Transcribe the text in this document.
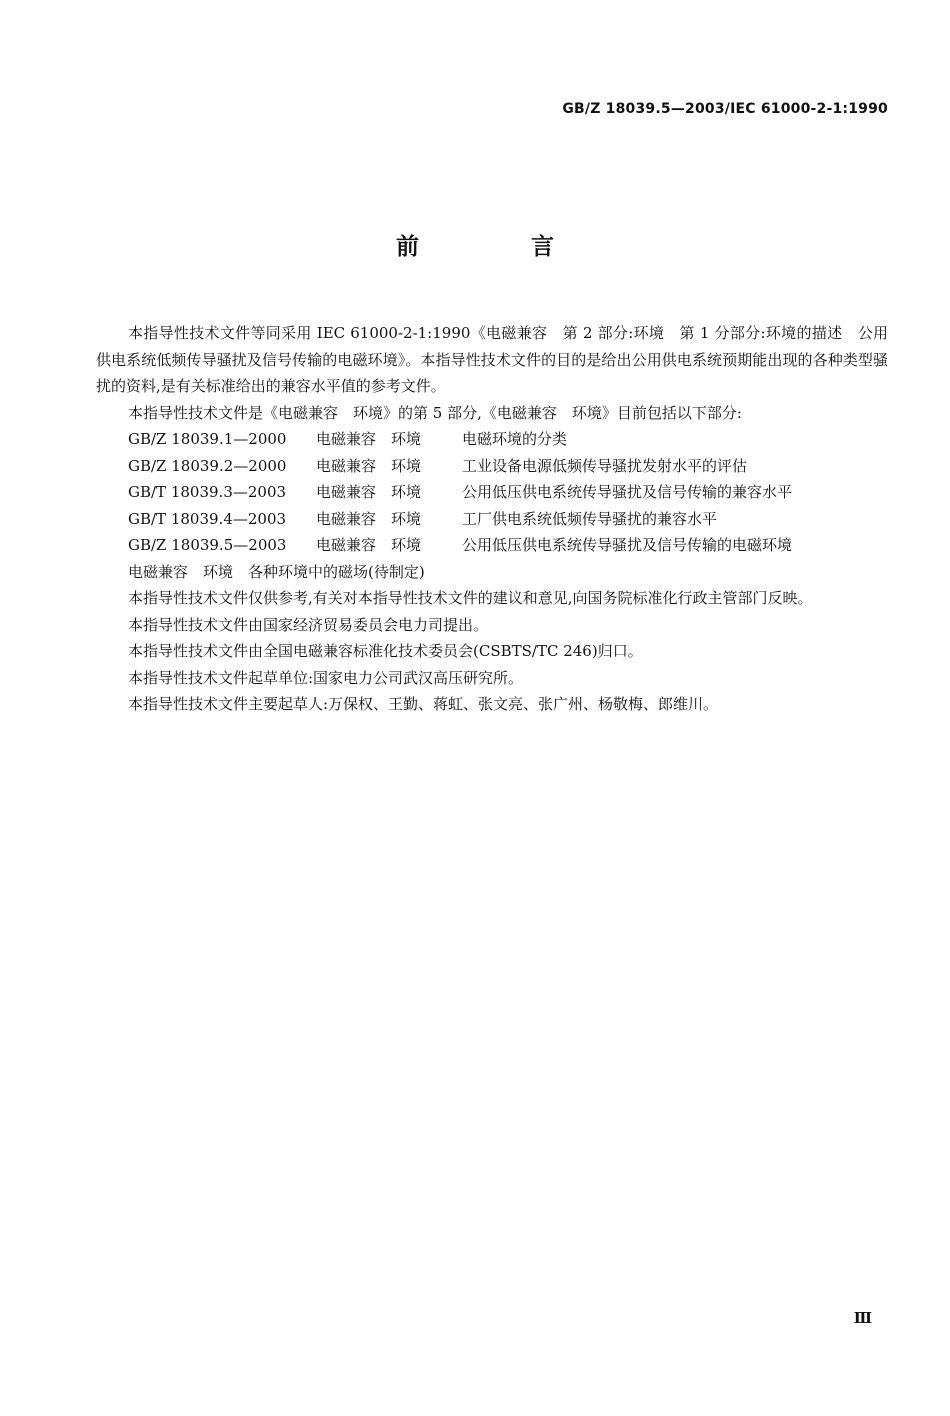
GB/Z 18039.5—2003/IEC 61000-2-1:1990
前 言

本指导性技术文件等同采用 IEC 61000-2-1:1990《电磁兼容　第 2 部分:环境　第 1 分部分:环境的描述　公用供电系统低频传导骚扰及信号传输的电磁环境》。本指导性技术文件的目的是给出公用供电系统预期能出现的各种类型骚扰的资料,是有关标准给出的兼容水平值的参考文件。

本指导性技术文件是《电磁兼容　环境》的第 5 部分,《电磁兼容　环境》目前包括以下部分:

GB/Z 18039.1—2000 电磁兼容　环境	电磁环境的分类

GB/Z 18039.2—2000 电磁兼容　环境	工业设备电源低频传导骚扰发射水平的评估

GB/T 18039.3—2003 电磁兼容　环境	公用低压供电系统传导骚扰及信号传输的兼容水平

GB/T 18039.4—2003 电磁兼容　环境	工厂供电系统低频传导骚扰的兼容水平

GB/Z 18039.5—2003 电磁兼容　环境	公用低压供电系统传导骚扰及信号传输的电磁环境

电磁兼容　环境　各种环境中的磁场(待制定)

本指导性技术文件仅供参考,有关对本指导性技术文件的建议和意见,向国务院标准化行政主管部门反映。

本指导性技术文件由国家经济贸易委员会电力司提出。

本指导性技术文件由全国电磁兼容标准化技术委员会(CSBTS/TC 246)归口。

本指导性技术文件起草单位:国家电力公司武汉高压研究所。

本指导性技术文件主要起草人:万保权、王勤、蒋虹、张文亮、张广州、杨敬梅、郎维川。

Ⅲ
